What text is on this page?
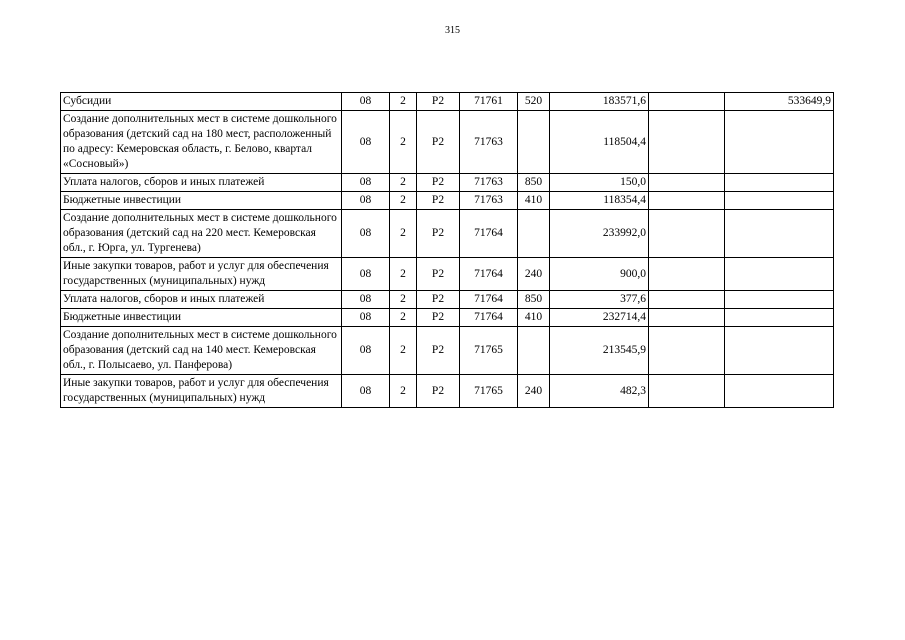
315
Субсидии	08	2	Р2	71761	520	183571,6		533649,9
Создание дополнительных мест в системе дошкольного образования (детский сад на 180 мест, расположенный по адресу: Кемеровская область, г. Белово, квартал «Сосновый»)	08	2	Р2	71763		118504,4		
Уплата налогов, сборов и иных платежей	08	2	Р2	71763	850	150,0		
Бюджетные инвестиции	08	2	Р2	71763	410	118354,4		
Создание дополнительных мест в системе дошкольного образования (детский сад на 220 мест. Кемеровская обл., г. Юрга, ул. Тургенева)	08	2	Р2	71764		233992,0		
Иные закупки товаров, работ и услуг для обеспечения государственных (муниципальных) нужд	08	2	Р2	71764	240	900,0		
Уплата налогов, сборов и иных платежей	08	2	Р2	71764	850	377,6		
Бюджетные инвестиции	08	2	Р2	71764	410	232714,4		
Создание дополнительных мест в системе дошкольного образования (детский сад на 140 мест. Кемеровская обл., г. Полысаево, ул. Панферова)	08	2	Р2	71765		213545,9		
Иные закупки товаров, работ и услуг для обеспечения государственных (муниципальных) нужд	08	2	Р2	71765	240	482,3		
